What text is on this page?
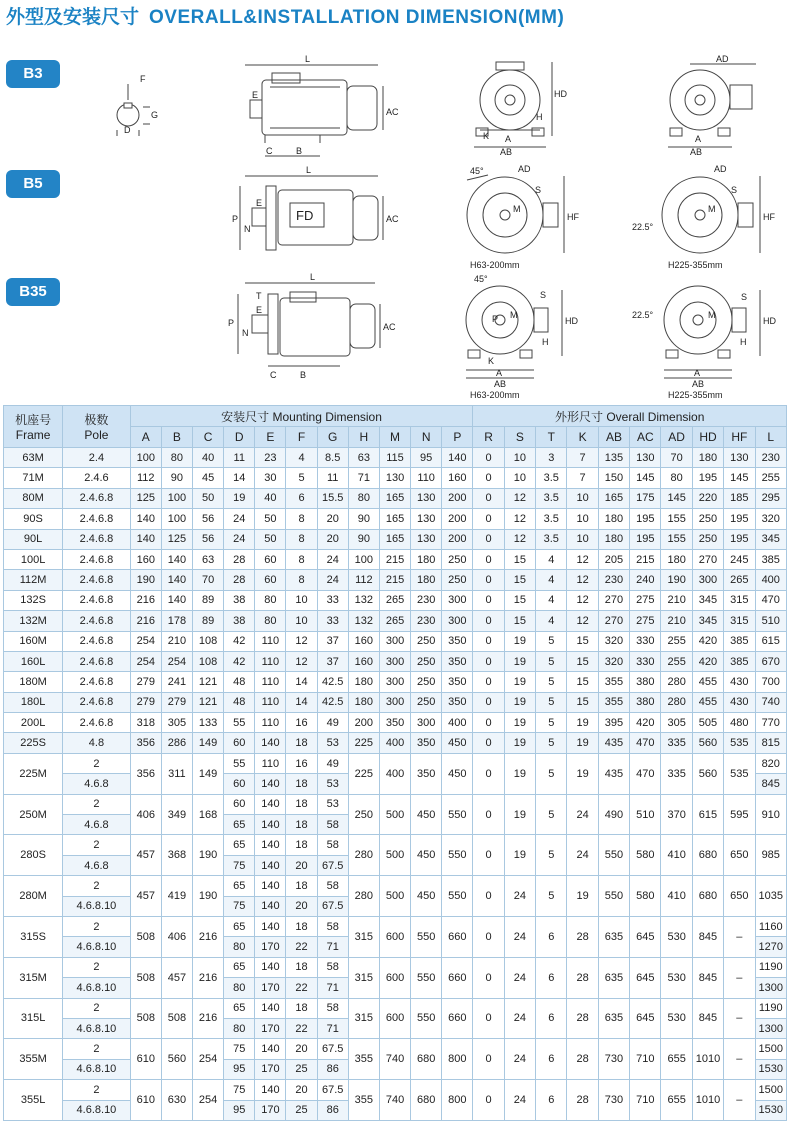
外型及安装尺寸 OVERALL&INSTALLATION DIMENSION(MM)
B3
B5
B35
F
G
D
E
L
AC
C	B
HD
H
A
AB
K
AD
A
AB
L
E
P
N
FD	AC
45°	AD
S
M
HF
H63-200mm
AD
S
M
HF
22.5°
H225-355mm
L
T
E
P
N
AC
C	B
45°
S
M
P	HD
H
K
A
AB
H63-200mm
22.5°
S
M
HD
H
A
AB
H225-355mm
机座号
Frame	极数
Pole	安装尺寸 Mounting Dimension											外形尺寸 Overall Dimension									
		A	B	C	D	E	F	G	H	M	N	P	R	S	T	K	AB	AC	AD	HD	HF	L
63M	2.4	100	80	40	11	23	4	8.5	63	115	95	140	0	10	3	7	135	130	70	180	130	230
71M	2.4.6	112	90	45	14	30	5	11	71	130	110	160	0	10	3.5	7	150	145	80	195	145	255
80M	2.4.6.8	125	100	50	19	40	6	15.5	80	165	130	200	0	12	3.5	10	165	175	145	220	185	295
90S	2.4.6.8	140	100	56	24	50	8	20	90	165	130	200	0	12	3.5	10	180	195	155	250	195	320
90L	2.4.6.8	140	125	56	24	50	8	20	90	165	130	200	0	12	3.5	10	180	195	155	250	195	345
100L	2.4.6.8	160	140	63	28	60	8	24	100	215	180	250	0	15	4	12	205	215	180	270	245	385
112M	2.4.6.8	190	140	70	28	60	8	24	112	215	180	250	0	15	4	12	230	240	190	300	265	400
132S	2.4.6.8	216	140	89	38	80	10	33	132	265	230	300	0	15	4	12	270	275	210	345	315	470
132M	2.4.6.8	216	178	89	38	80	10	33	132	265	230	300	0	15	4	12	270	275	210	345	315	510
160M	2.4.6.8	254	210	108	42	110	12	37	160	300	250	350	0	19	5	15	320	330	255	420	385	615
160L	2.4.6.8	254	254	108	42	110	12	37	160	300	250	350	0	19	5	15	320	330	255	420	385	670
180M	2.4.6.8	279	241	121	48	110	14	42.5	180	300	250	350	0	19	5	15	355	380	280	455	430	700
180L	2.4.6.8	279	279	121	48	110	14	42.5	180	300	250	350	0	19	5	15	355	380	280	455	430	740
200L	2.4.6.8	318	305	133	55	110	16	49	200	350	300	400	0	19	5	19	395	420	305	505	480	770
225S	4.8	356	286	149	60	140	18	53	225	400	350	450	0	19	5	19	435	470	335	560	535	815
225M	2	356	311	149	55	110	16	49	225	400	350	450	0	19	5	19	435	470	335	560	535	820
	4.6.8				60	140	18	53														845
250M	2	406	349	168	60	140	18	53	250	500	450	550	0	19	5	24	490	510	370	615	595	910
	4.6.8				65	140	18	58														
280S	2	457	368	190	65	140	18	58	280	500	450	550	0	19	5	24	550	580	410	680	650	985
	4.6.8				75	140	20	67.5														
280M	2	457	419	190	65	140	18	58	280	500	450	550	0	24	5	19	550	580	410	680	650	1035
	4.6.8.10				75	140	20	67.5														
315S	2	508	406	216	65	140	18	58	315	600	550	660	0	24	6	28	635	645	530	845	–	1160
	4.6.8.10				80	170	22	71														1270
315M	2	508	457	216	65	140	18	58	315	600	550	660	0	24	6	28	635	645	530	845	–	1190
	4.6.8.10				80	170	22	71														1300
315L	2	508	508	216	65	140	18	58	315	600	550	660	0	24	6	28	635	645	530	845	–	1190
	4.6.8.10				80	170	22	71														1300
355M	2	610	560	254	75	140	20	67.5	355	740	680	800	0	24	6	28	730	710	655	1010	–	1500
	4.6.8.10				95	170	25	86														1530
355L	2	610	630	254	75	140	20	67.5	355	740	680	800	0	24	6	28	730	710	655	1010	–	1500
	4.6.8.10				95	170	25	86														1530
